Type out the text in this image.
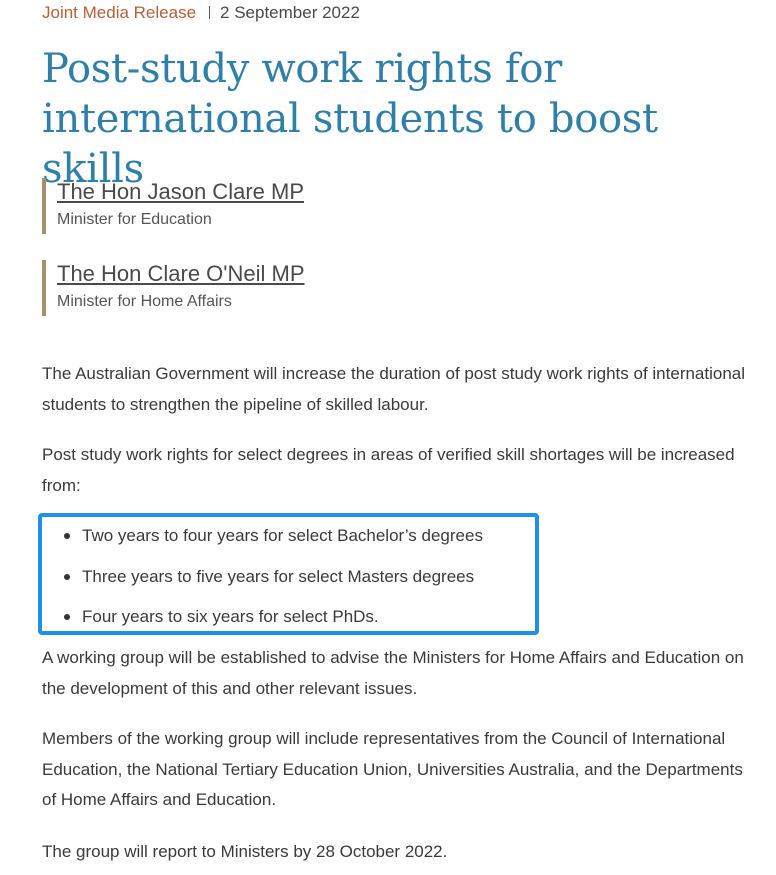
Joint Media Release 2 September 2022
Post-study work rights for international students to boost skills
The Hon Jason Clare MP
Minister for Education
The Hon Clare O'Neil MP
Minister for Home Affairs

The Australian Government will increase the duration of post study work rights of international students to strengthen the pipeline of skilled labour.

Post study work rights for select degrees in areas of verified skill shortages will be increased from:

Two years to four years for select Bachelor’s degrees
Three years to five years for select Masters degrees
Four years to six years for select PhDs.

A working group will be established to advise the Ministers for Home Affairs and Education on the development of this and other relevant issues.

Members of the working group will include representatives from the Council of International Education, the National Tertiary Education Union, Universities Australia, and the Departments of Home Affairs and Education.

The group will report to Ministers by 28 October 2022.
